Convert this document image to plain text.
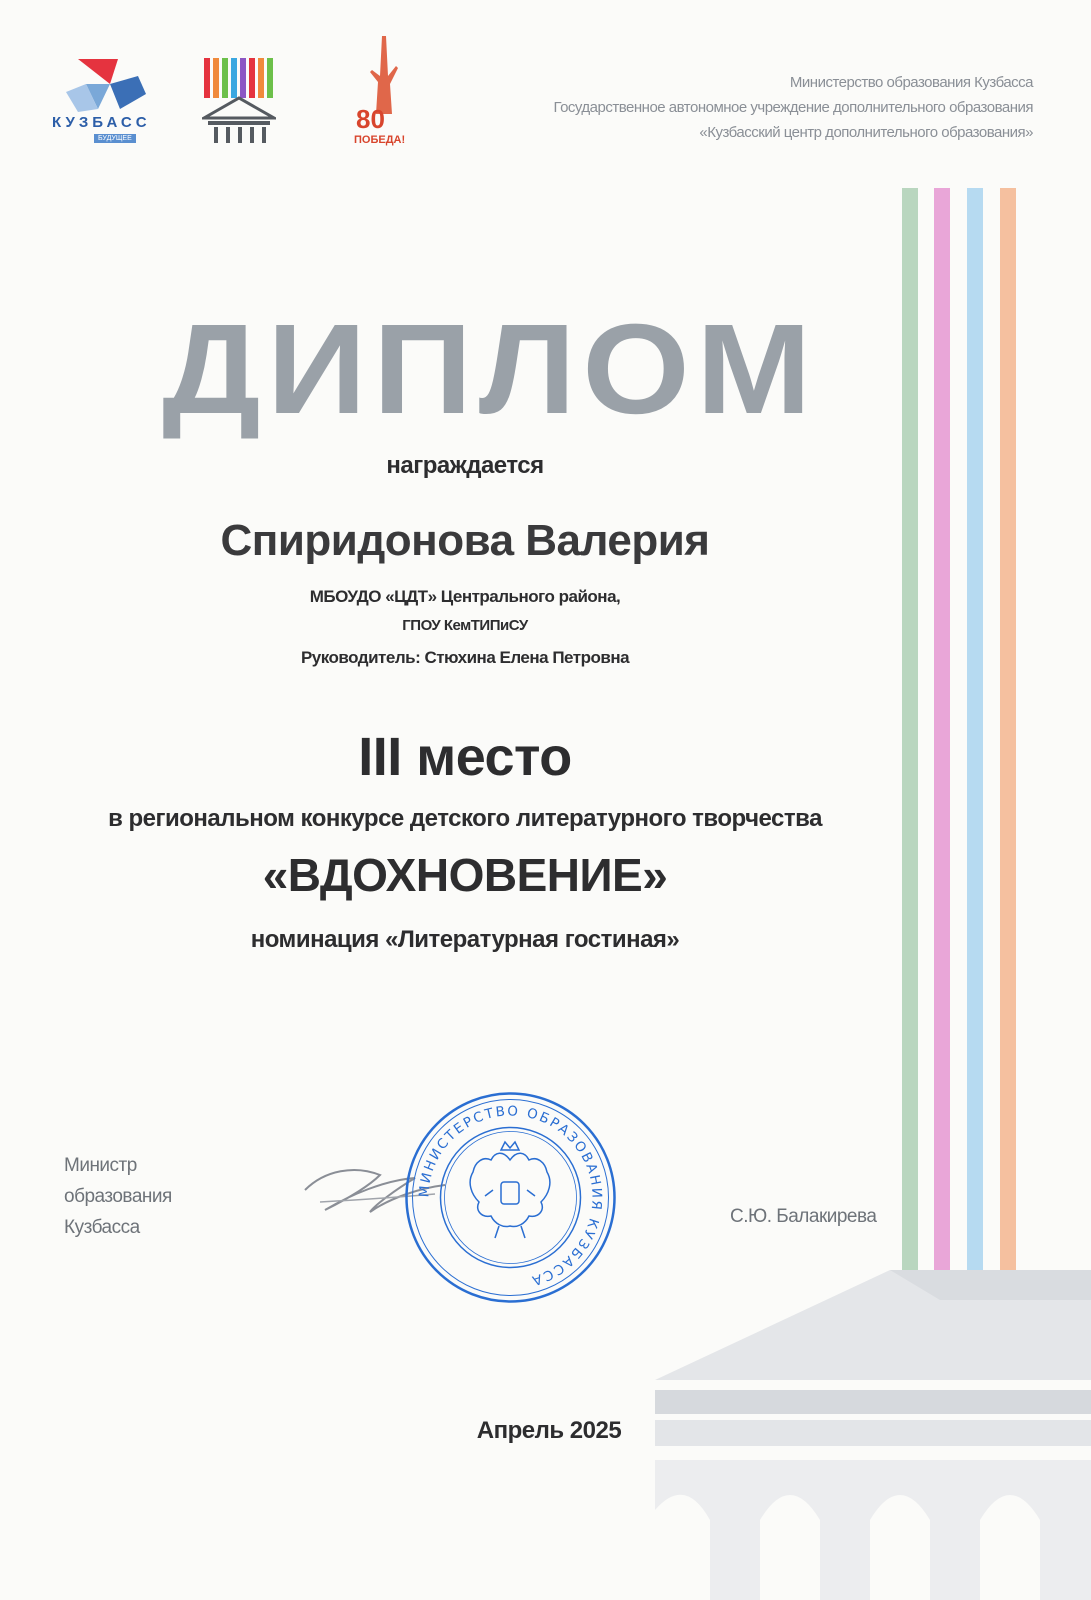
КУЗБАСС
БУДУЩЕЕ
80
ПОБЕДА!
Министерство образования Кузбасса
Государственное автономное учреждение дополнительного образования
«Кузбасский центр дополнительного образования»
ДИПЛОМ
награждается
Спиридонова Валерия
МБОУДО «ЦДТ» Центрального района,
ГПОУ КемТИПиСУ
Руководитель: Стюхина Елена Петровна
III место
в региональном конкурсе детского литературного творчества
«ВДОХНОВЕНИЕ»
номинация «Литературная гостиная»
Министр
образования
Кузбасса
МИНИСТЕРСТВО ОБРАЗОВАНИЯ КУЗБАССА
С.Ю. Балакирева
Апрель 2025
